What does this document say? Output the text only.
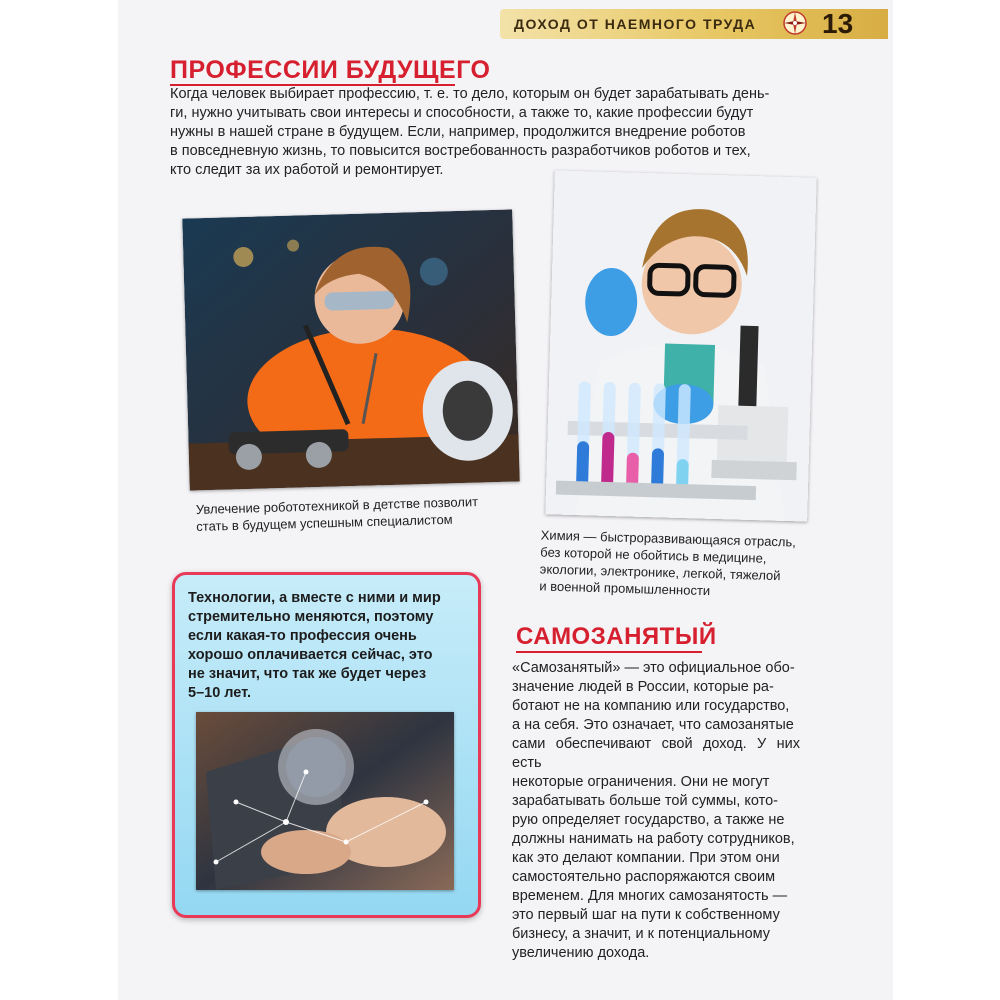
ДОХОД ОТ НАЕМНОГО ТРУДА 13
ПРОФЕССИИ БУДУЩЕГО
Когда человек выбирает профессию, т. е. то дело, которым он будет зарабатывать день-
ги, нужно учитывать свои интересы и способности, а также то, какие профессии будут
нужны в нашей стране в будущем. Если, например, продолжится внедрение роботов
в повседневную жизнь, то повысится востребованность разработчиков роботов и тех,
кто следит за их работой и ремонтирует.
Увлечение робототехникой в детстве позволит
стать в будущем успешным специалистом
Химия — быстроразвивающаяся отрасль,
без которой не обойтись в медицине,
экологии, электронике, легкой, тяжелой
и военной промышленности
Технологии, а вместе с ними и мир
стремительно меняются, поэтому
если какая-то профессия очень
хорошо оплачивается сейчас, это
не значит, что так же будет через
5–10 лет.
САМОЗАНЯТЫЙ
«Самозанятый» — это официальное обо-
значение людей в России, которые ра-
ботают не на компанию или государство,
а на себя. Это означает, что самозанятые
сами обеспечивают свой доход. У них есть
некоторые ограничения. Они не могут
зарабатывать больше той суммы, кото-
рую определяет государство, а также не
должны нанимать на работу сотрудников,
как это делают компании. При этом они
самостоятельно распоряжаются своим
временем. Для многих самозанятость —
это первый шаг на пути к собственному
бизнесу, а значит, и к потенциальному
увеличению дохода.
